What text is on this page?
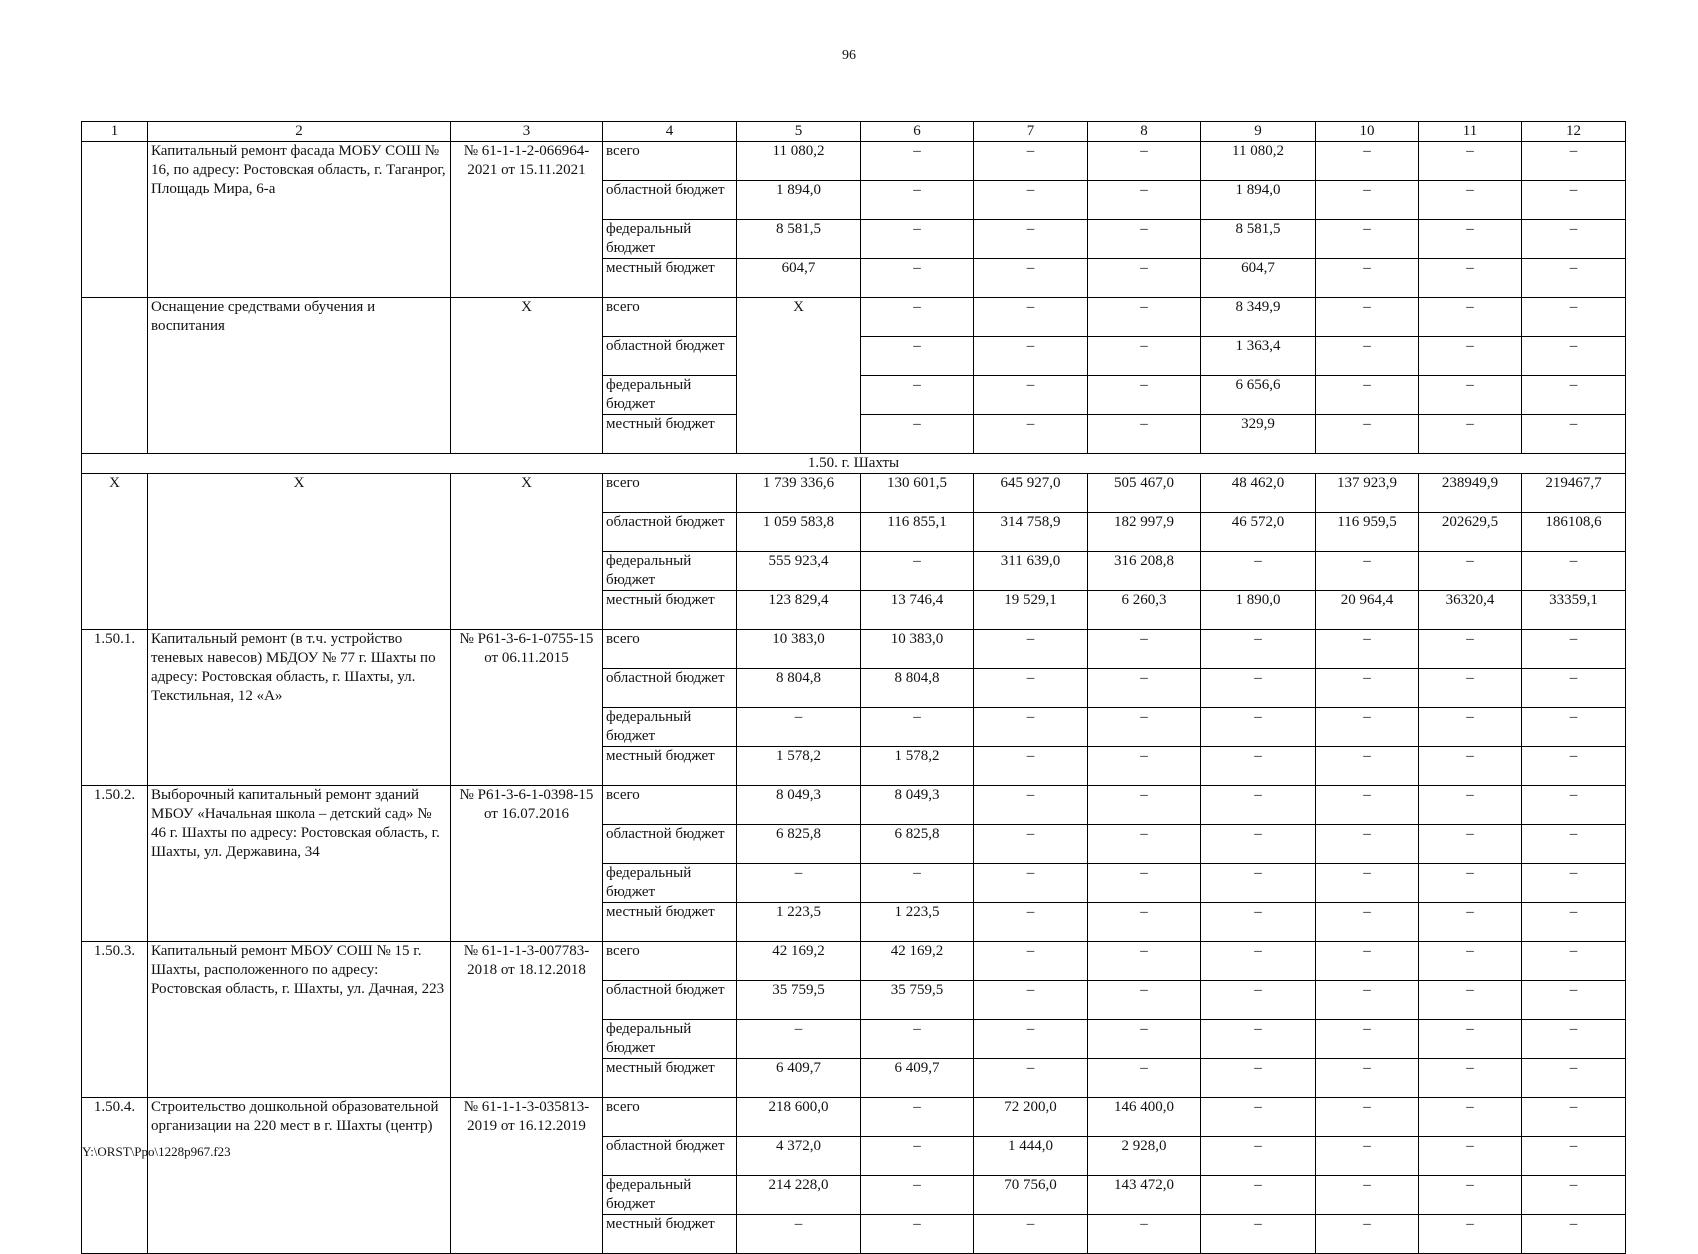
96
1	2	3	4	5	6	7	8	9	10	11	12
	Капитальный ремонт фасада МОБУ СОШ № 16, по адресу: Ростовская область, г. Таганрог, Площадь Мира, 6-а	№ 61-1-1-2-066964-2021 от 15.11.2021	всего	11 080,2	–	–	–	11 080,2	–	–	–
			областной бюджет	1 894,0	–	–	–	1 894,0	–	–	–
			федеральный бюджет	8 581,5	–	–	–	8 581,5	–	–	–
			местный бюджет	604,7	–	–	–	604,7	–	–	–
	Оснащение средствами обучения и воспитания	X	всего	X	–	–	–	8 349,9	–	–	–
			областной бюджет		–	–	–	1 363,4	–	–	–
			федеральный бюджет		–	–	–	6 656,6	–	–	–
			местный бюджет		–	–	–	329,9	–	–	–
1.50. г. Шахты											
X	X	X	всего	1 739 336,6	130 601,5	645 927,0	505 467,0	48 462,0	137 923,9	238949,9	219467,7
			областной бюджет	1 059 583,8	116 855,1	314 758,9	182 997,9	46 572,0	116 959,5	202629,5	186108,6
			федеральный бюджет	555 923,4	–	311 639,0	316 208,8	–	–	–	–
			местный бюджет	123 829,4	13 746,4	19 529,1	6 260,3	1 890,0	20 964,4	36320,4	33359,1
1.50.1.	Капитальный ремонт (в т.ч. устройство теневых навесов) МБДОУ № 77 г. Шахты по адресу: Ростовская область, г. Шахты, ул. Текстильная, 12 «А»	№ Р61-3-6-1-0755-15 от 06.11.2015	всего	10 383,0	10 383,0	–	–	–	–	–	–
			областной бюджет	8 804,8	8 804,8	–	–	–	–	–	–
			федеральный бюджет	–	–	–	–	–	–	–	–
			местный бюджет	1 578,2	1 578,2	–	–	–	–	–	–
1.50.2.	Выборочный капитальный ремонт зданий МБОУ «Начальная школа – детский сад» № 46 г. Шахты по адресу: Ростовская область, г. Шахты, ул. Державина, 34	№ Р61-3-6-1-0398-15 от 16.07.2016	всего	8 049,3	8 049,3	–	–	–	–	–	–
			областной бюджет	6 825,8	6 825,8	–	–	–	–	–	–
			федеральный бюджет	–	–	–	–	–	–	–	–
			местный бюджет	1 223,5	1 223,5	–	–	–	–	–	–
1.50.3.	Капитальный ремонт МБОУ СОШ № 15 г. Шахты, расположенного по адресу: Ростовская область, г. Шахты, ул. Дачная, 223	№ 61-1-1-3-007783-2018 от 18.12.2018	всего	42 169,2	42 169,2	–	–	–	–	–	–
			областной бюджет	35 759,5	35 759,5	–	–	–	–	–	–
			федеральный бюджет	–	–	–	–	–	–	–	–
			местный бюджет	6 409,7	6 409,7	–	–	–	–	–	–
1.50.4.	Строительство дошкольной образовательной организации на 220 мест в г. Шахты (центр)	№ 61-1-1-3-035813-2019 от 16.12.2019	всего	218 600,0	–	72 200,0	146 400,0	–	–	–	–
			областной бюджет	4 372,0	–	1 444,0	2 928,0	–	–	–	–
			федеральный бюджет	214 228,0	–	70 756,0	143 472,0	–	–	–	–
			местный бюджет	–	–	–	–	–	–	–	–
Y:\ORST\Ppo\1228p967.f23
